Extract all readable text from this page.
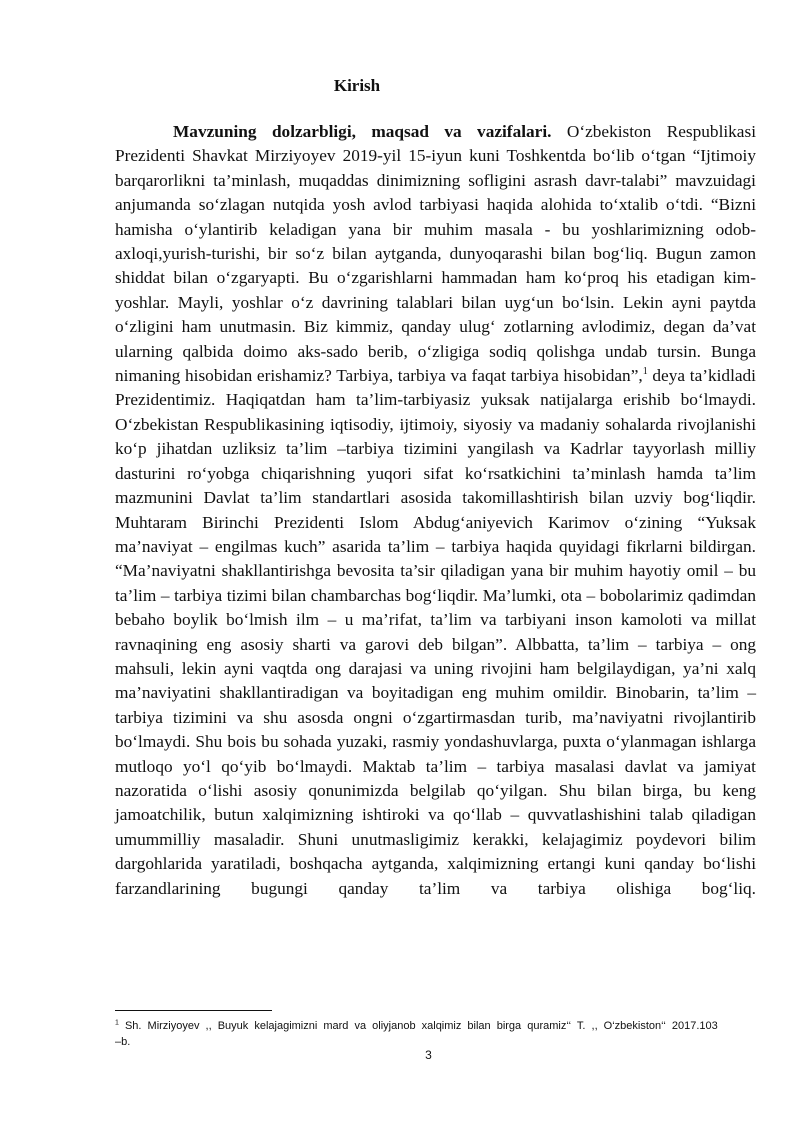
Kirish

Mavzuning dolzarbligi, maqsad va vazifalari. O‘zbekiston Respublikasi Prezidenti Shavkat Mirziyoyev 2019-yil 15-iyun kuni Toshkentda bo‘lib o‘tgan “Ijtimoiy barqarorlikni ta’minlash, muqaddas dinimizning sofligini asrash davr-talabi” mavzuidagi anjumanda so‘zlagan nutqida yosh avlod tarbiyasi haqida alohida to‘xtalib o‘tdi. “Bizni hamisha o‘ylantirib keladigan yana bir muhim masala - bu yoshlarimizning odob-axloqi,yurish-turishi, bir so‘z bilan aytganda, dunyoqarashi bilan bog‘liq. Bugun zamon shiddat bilan o‘zgaryapti. Bu o‘zgarishlarni hammadan ham ko‘proq his etadigan kim-yoshlar. Mayli, yoshlar o‘z davrining talablari bilan uyg‘un bo‘lsin. Lekin ayni paytda o‘zligini ham unutmasin. Biz kimmiz, qanday ulug‘ zotlarning avlodimiz, degan da’vat ularning qalbida doimo aks-sado berib, o‘zligiga sodiq qolishga undab tursin. Bunga nimaning hisobidan erishamiz? Tarbiya, tarbiya va faqat tarbiya hisobidan”,$^1$ deya ta’kidladi Prezidentimiz. Haqiqatdan ham ta’lim-tarbiyasiz yuksak natijalarga erishib bo‘lmaydi. O‘zbekistan Respublikasining iqtisodiy, ijtimoiy, siyosiy va madaniy sohalarda rivojlanishi ko‘p jihatdan uzliksiz ta’lim –tarbiya tizimini yangilash va Kadrlar tayyorlash milliy dasturini ro‘yobga chiqarishning yuqori sifat ko‘rsatkichini ta’minlash hamda ta’lim mazmunini Davlat ta’lim standartlari asosida takomillashtirish bilan uzviy bog‘liqdir. Muhtaram Birinchi Prezidenti Islom Abdug‘aniyevich Karimov o‘zining “Yuksak ma’naviyat – engilmas kuch” asarida ta’lim – tarbiya haqida quyidagi fikrlarni bildirgan. “Ma’naviyatni shakllantirishga bevosita ta’sir qiladigan yana bir muhim hayotiy omil – bu ta’lim – tarbiya tizimi bilan chambarchas bog‘liqdir. Ma’lumki, ota – bobolarimiz qadimdan bebaho boylik bo‘lmish ilm – u ma’rifat, ta’lim va tarbiyani inson kamoloti va millat ravnaqining eng asosiy sharti va garovi deb bilgan”. Albbatta, ta’lim – tarbiya – ong mahsuli, lekin ayni vaqtda ong darajasi va uning rivojini ham belgilaydigan, ya’ni xalq ma’naviyatini shakllantiradigan va boyitadigan eng muhim omildir. Binobarin, ta’lim – tarbiya tizimini va shu asosda ongni o‘zgartirmasdan turib, ma’naviyatni rivojlantirib bo‘lmaydi. Shu bois bu sohada yuzaki, rasmiy yondashuvlarga, puxta o‘ylanmagan ishlarga mutloqo yo‘l qo‘yib bo‘lmaydi. Maktab ta’lim – tarbiya masalasi davlat va jamiyat nazoratida o‘lishi asosiy qonunimizda belgilab qo‘yilgan. Shu bilan birga, bu keng jamoatchilik, butun xalqimizning ishtiroki va qo‘llab – quvvatlashishini talab qiladigan umummilliy masaladir. Shuni unutmasligimiz kerakki, kelajagimiz poydevori bilim dargohlarida yaratiladi, boshqacha aytganda, xalqimizning ertangi kuni qanday bo‘lishi farzandlarining bugungi qanday ta’lim va tarbiya olishiga bog‘liq.

$^1$ Sh. Mirziyoyev ,, Buyuk kelajagimizni mard va oliyjanob xalqimiz bilan birga quramiz‘‘ T. ,, O‘zbekiston‘‘ 2017.103 –b.
3
